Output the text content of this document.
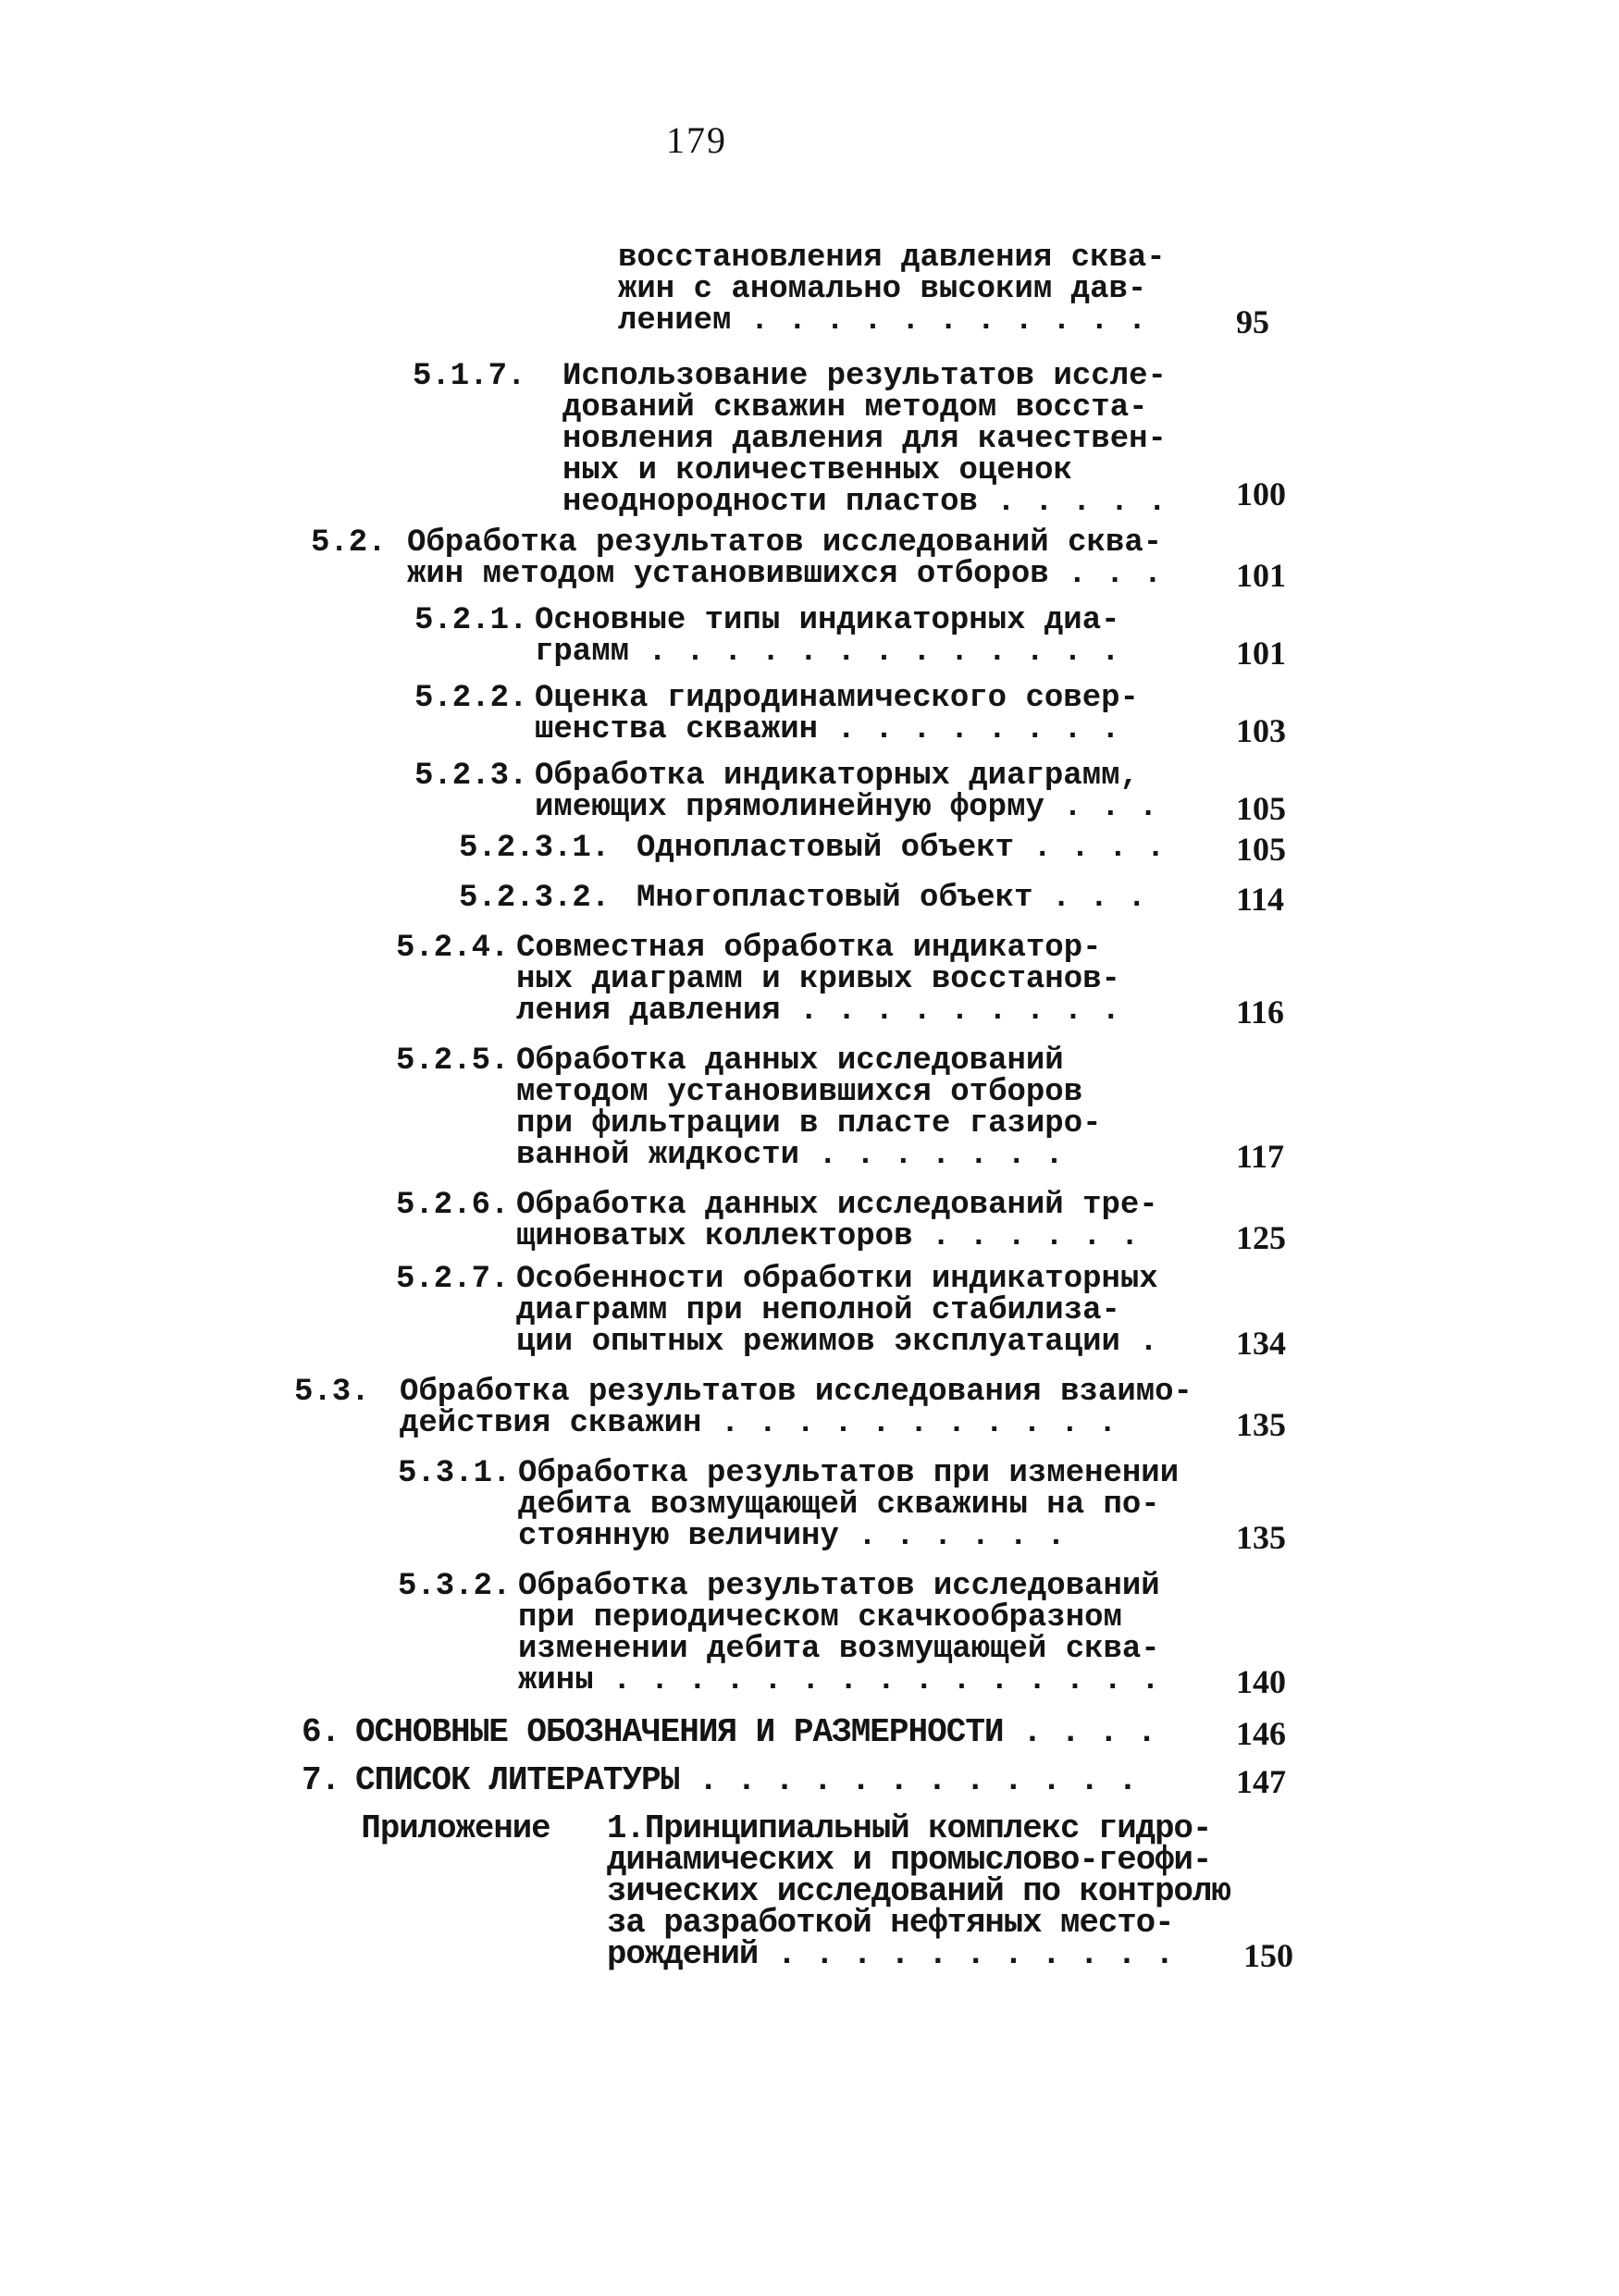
179
восстановления давления сква-
жин с аномально высоким дав-
лением . . . . . . . . . . .	95
5.1.7. Использование результатов иссле-
дований скважин методом восста-
новления давления для качествен-
ных и количественных оценок
неоднородности пластов . . . . . 100
5.2. Обработка результатов исследований сква-
жин методом установившихся отборов . . . 101
5.2.1. Основные типы индикаторных диа-
грамм . . . . . . . . . . . . .	101
5.2.2. Оценка гидродинамического совер-
шенства скважин . . . . . . . .	103
5.2.3. Обработка индикаторных диаграмм,
имеющих прямолинейную форму . . . 105
5.2.3.1. Однопластовый объект . . . . 105
5.2.3.2. Многопластовый объект . . .	114
5.2.4. Совместная обработка индикатор-
ных диаграмм и кривых восстанов-
ления давления . . . . . . . . .	116
5.2.5. Обработка данных исследований
методом установившихся отборов
при фильтрации в пласте газиро-
ванной жидкости . . . . . . .	117
5.2.6. Обработка данных исследований тре-
щиноватых коллекторов . . . . . .	125
5.2.7. Особенности обработки индикаторных
диаграмм при неполной стабилиза-
ции опытных режимов эксплуатации . 134
5.3. Обработка результатов исследования взаимо-
действия скважин . . . . . . . . . . .	135
5.3.1. Обработка результатов при изменении
дебита возмущающей скважины на по-
стоянную величину . . . . . .	135
5.3.2. Обработка результатов исследований
при периодическом скачкообразном
изменении дебита возмущающей сква-
жины . . . . . . . . . . . . . . . 140
6. ОСНОВНЫЕ ОБОЗНАЧЕНИЯ И РАЗМЕРНОСТИ . . . . 146
7. СПИСОК ЛИТЕРАТУРЫ . . . . . . . . . . . .	147
Приложение 1.Принципиальный комплекс гидро-
динамических и промыслово-геофи-
зических исследований по контролю
за разработкой нефтяных место-
рождений . . . . . . . . . . .	150
